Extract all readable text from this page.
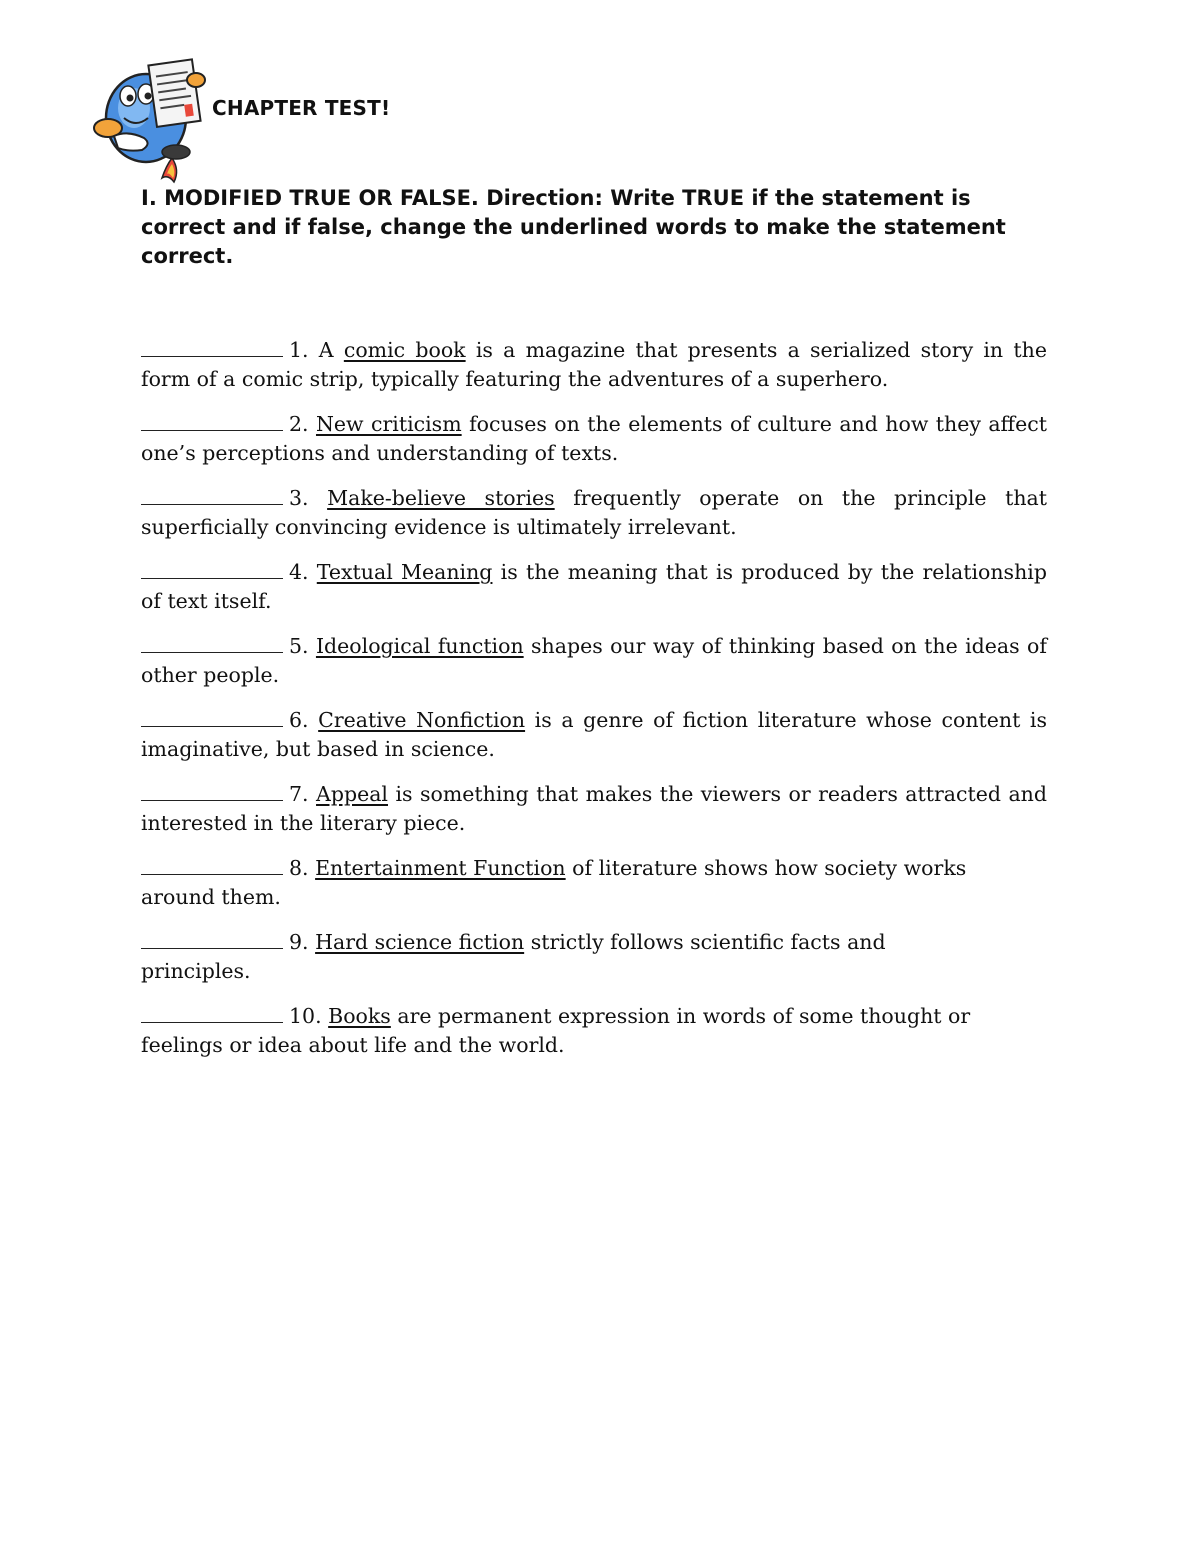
CHAPTER TEST!
I. MODIFIED TRUE OR FALSE. Direction: Write TRUE if the statement is correct and if false, change the underlined words to make the statement correct.

1. A comic book is a magazine that presents a serialized story in the form of a comic strip, typically featuring the adventures of a superhero.

2. New criticism focuses on the elements of culture and how they affect one’s perceptions and understanding of texts.

3. Make-believe stories frequently operate on the principle that superficially convincing evidence is ultimately irrelevant.

4. Textual Meaning is the meaning that is produced by the relationship of text itself.

5. Ideological function shapes our way of thinking based on the ideas of other people.

6. Creative Nonfiction is a genre of fiction literature whose content is imaginative, but based in science.

7. Appeal is something that makes the viewers or readers attracted and interested in the literary piece.

8. Entertainment Function of literature shows how society works around them.

9. Hard science fiction strictly follows scientific facts and principles.

10. Books are permanent expression in words of some thought or feelings or idea about life and the world.
